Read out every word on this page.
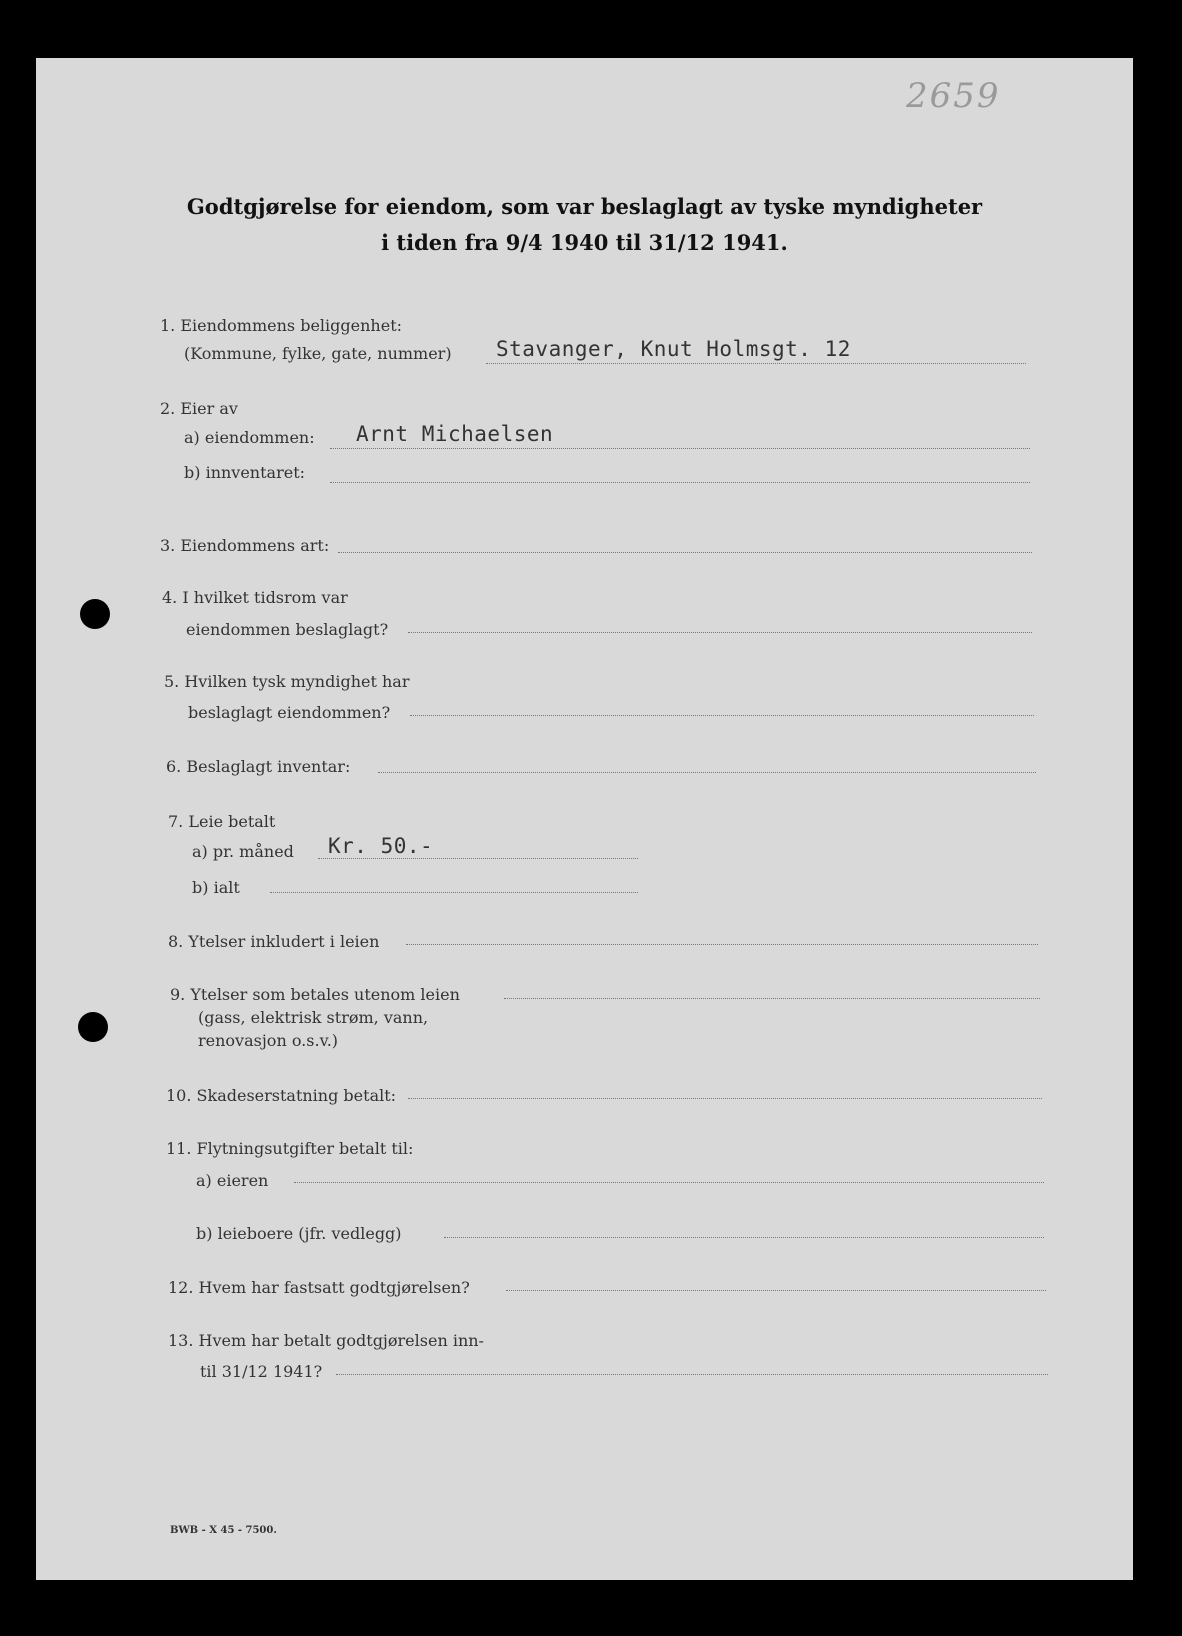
2659
Godtgjørelse for eiendom, som var beslaglagt av tyske myndigheter
i tiden fra 9/4 1940 til 31/12 1941.
1. Eiendommens beliggenhet:
(Kommune, fylke, gate, nummer) Stavanger, Knut Holmsgt. 12
2. Eier av
a) eiendommen: Arnt Michaelsen
b) innventaret:
3. Eiendommens art:
4. I hvilket tidsrom var
eiendommen beslaglagt?
5. Hvilken tysk myndighet har
beslaglagt eiendommen?
6. Beslaglagt inventar:
7. Leie betalt
a) pr. måned Kr. 50.-
b) ialt
8. Ytelser inkludert i leien
9. Ytelser som betales utenom leien
(gass, elektrisk strøm, vann,
renovasjon o.s.v.)
10. Skadeserstatning betalt:
11. Flytningsutgifter betalt til:
a) eieren
b) leieboere (jfr. vedlegg)
12. Hvem har fastsatt godtgjørelsen?
13. Hvem har betalt godtgjørelsen inn-
til 31/12 1941?
BWB - X 45 - 7500.
